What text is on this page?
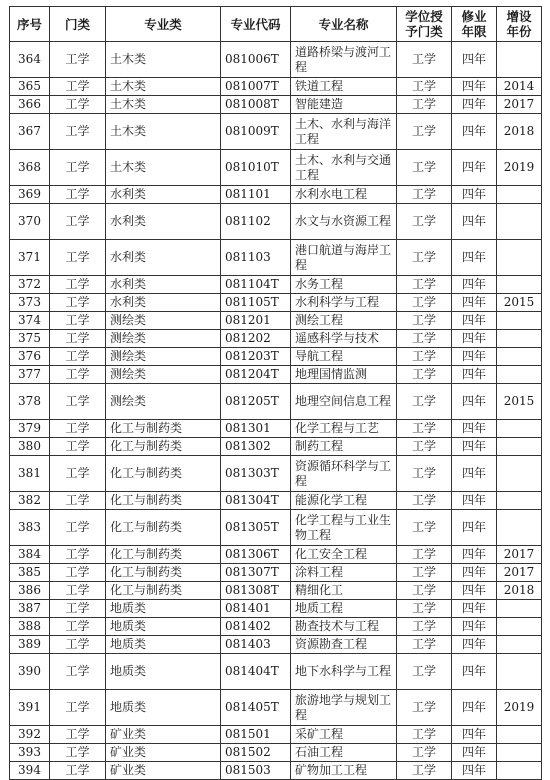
序号	门类	专业类	专业代码	专业名称	学位授予门类	修业年限	增设年份
364	工学	土木类	081006T	道路桥梁与渡河工程	工学	四年	
365	工学	土木类	081007T	铁道工程	工学	四年	2014
366	工学	土木类	081008T	智能建造	工学	四年	2017
367	工学	土木类	081009T	土木、水利与海洋工程	工学	四年	2018
368	工学	土木类	081010T	土木、水利与交通工程	工学	四年	2019
369	工学	水利类	081101	水利水电工程	工学	四年	
370	工学	水利类	081102	水文与水资源工程	工学	四年	
371	工学	水利类	081103	港口航道与海岸工程	工学	四年	
372	工学	水利类	081104T	水务工程	工学	四年	
373	工学	水利类	081105T	水利科学与工程	工学	四年	2015
374	工学	测绘类	081201	测绘工程	工学	四年	
375	工学	测绘类	081202	遥感科学与技术	工学	四年	
376	工学	测绘类	081203T	导航工程	工学	四年	
377	工学	测绘类	081204T	地理国情监测	工学	四年	
378	工学	测绘类	081205T	地理空间信息工程	工学	四年	2015
379	工学	化工与制药类	081301	化学工程与工艺	工学	四年	
380	工学	化工与制药类	081302	制药工程	工学	四年	
381	工学	化工与制药类	081303T	资源循环科学与工程	工学	四年	
382	工学	化工与制药类	081304T	能源化学工程	工学	四年	
383	工学	化工与制药类	081305T	化学工程与工业生物工程	工学	四年	
384	工学	化工与制药类	081306T	化工安全工程	工学	四年	2017
385	工学	化工与制药类	081307T	涂料工程	工学	四年	2017
386	工学	化工与制药类	081308T	精细化工	工学	四年	2018
387	工学	地质类	081401	地质工程	工学	四年	
388	工学	地质类	081402	勘查技术与工程	工学	四年	
389	工学	地质类	081403	资源勘查工程	工学	四年	
390	工学	地质类	081404T	地下水科学与工程	工学	四年	
391	工学	地质类	081405T	旅游地学与规划工程	工学	四年	2019
392	工学	矿业类	081501	采矿工程	工学	四年	
393	工学	矿业类	081502	石油工程	工学	四年	
394	工学	矿业类	081503	矿物加工工程	工学	四年	
